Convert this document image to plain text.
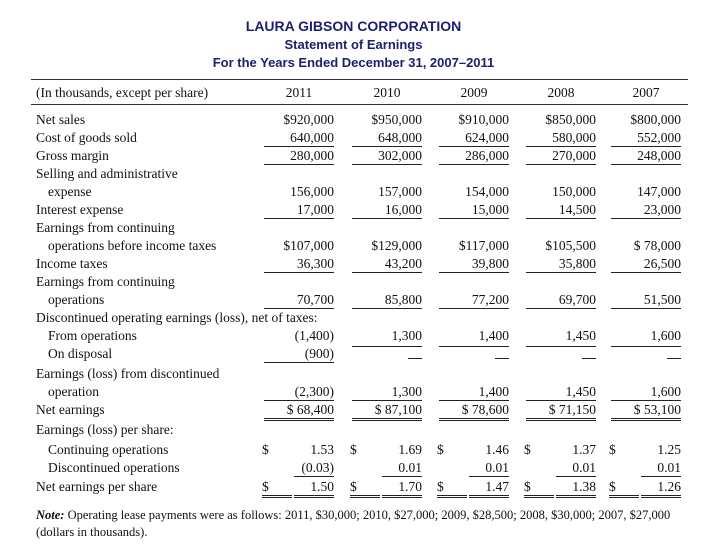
LAURA GIBSON CORPORATION
Statement of Earnings
For the Years Ended December 31, 2007–2011
(In thousands, except per share)	2011	2010	2009	2008	2007
Net sales	$920,000	$950,000	$910,000	$850,000	$800,000
Cost of goods sold	640,000	648,000	624,000	580,000	552,000
Gross margin	280,000	302,000	286,000	270,000	248,000
Selling and administrative
expense	156,000	157,000	154,000	150,000	147,000
Interest expense	17,000	16,000	15,000	14,500	23,000
Earnings from continuing
operations before income taxes	$107,000	$129,000	$117,000	$105,500	$ 78,000
Income taxes	36,300	43,200	39,800	35,800	26,500
Earnings from continuing
operations	70,700	85,800	77,200	69,700	51,500
Discontinued operating earnings (loss), net of taxes:
From operations	(1,400)	1,300	1,400	1,450	1,600
On disposal	(900)
Earnings (loss) from discontinued
operation	(2,300)	1,300	1,400	1,450	1,600
Net earnings	$ 68,400	$ 87,100	$ 78,600	$ 71,150	$ 53,100
Earnings (loss) per share:
Continuing operations	1.53	1.69	1.46	1.37	1.25
Discontinued operations	(0.03)	0.01	0.01	0.01	0.01
Net earnings per share	1.50	1.70	1.47	1.38	1.26
$	$	$	$	$
$	$	$	$	$
Note: Operating lease payments were as follows: 2011, $30,000; 2010, $27,000; 2009, $28,500; 2008, $30,000; 2007, $27,000 (dollars in thousands).
